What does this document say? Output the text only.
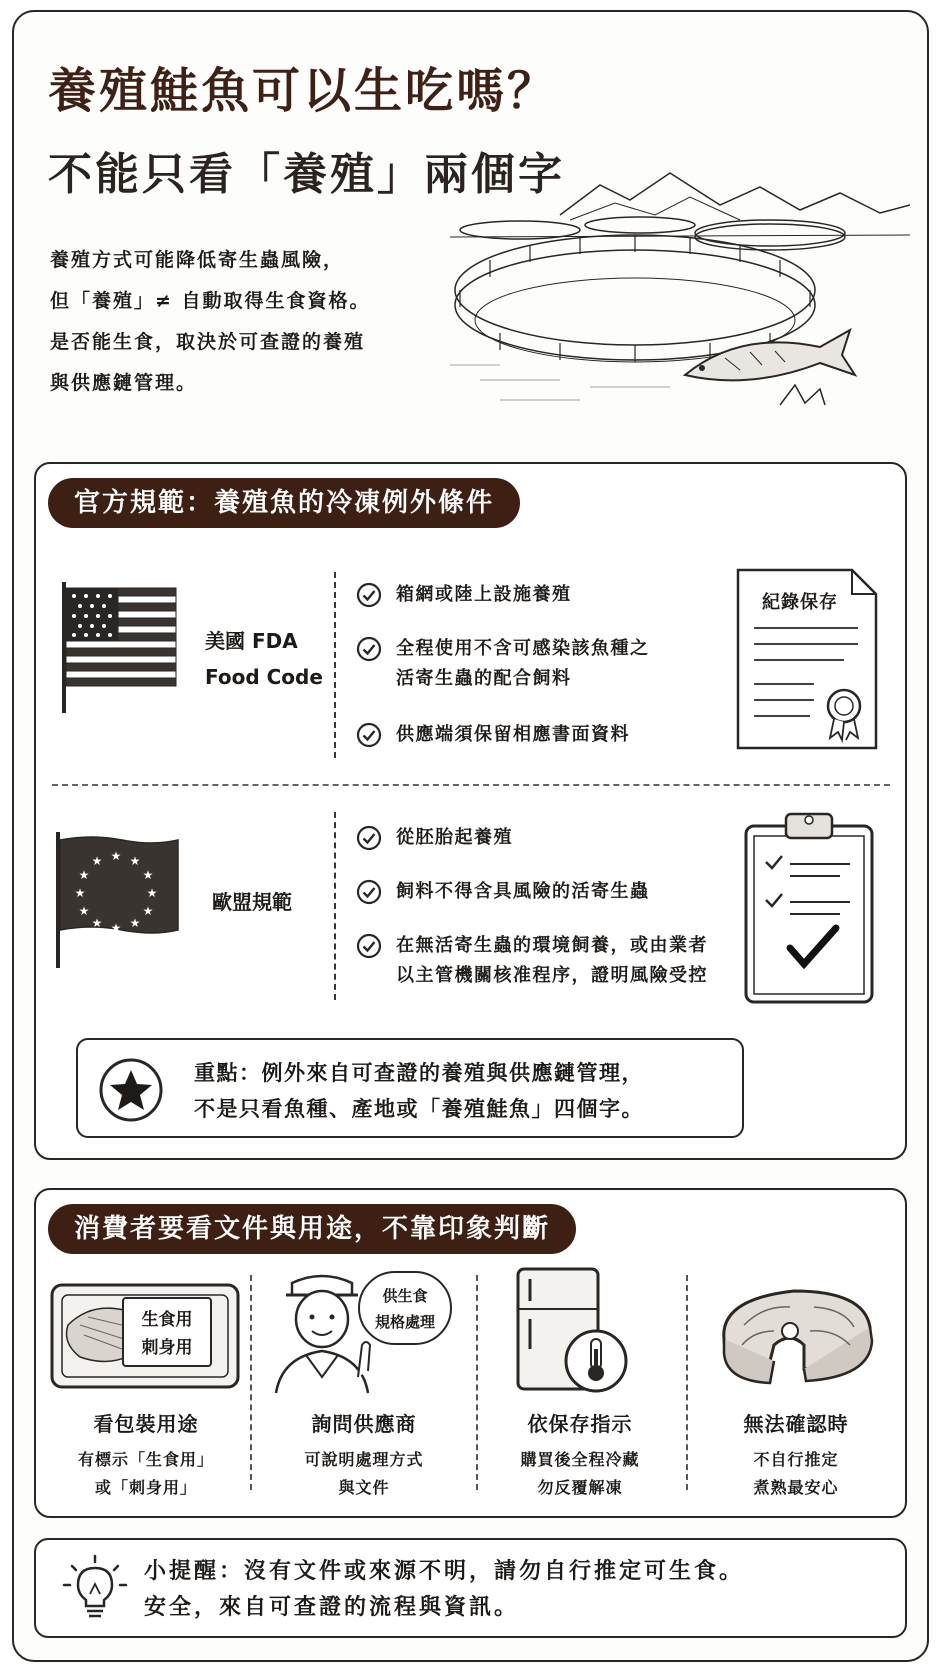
養殖鮭魚可以生吃嗎？
不能只看「養殖」兩個字
養殖方式可能降低寄生蟲風險，
但「養殖」≠ 自動取得生食資格。
是否能生食，取決於可查證的養殖
與供應鏈管理。
官方規範：養殖魚的冷凍例外條件
美國 FDA
Food Code
箱網或陸上設施養殖
全程使用不含可感染該魚種之
活寄生蟲的配合飼料
供應端須保留相應書面資料
紀錄保存
★ ★
★
★
★
★
★
★
★
★
★
★
歐盟規範
從胚胎起養殖
飼料不得含具風險的活寄生蟲
在無活寄生蟲的環境飼養，或由業者
以主管機關核准程序，證明風險受控
重點：例外來自可查證的養殖與供應鏈管理，
不是只看魚種、產地或「養殖鮭魚」四個字。
消費者要看文件與用途，不靠印象判斷
生食用
刺身用
看包裝用途
有標示「生食用」
或「刺身用」
供生食
規格處理
詢問供應商
可說明處理方式
與文件
依保存指示
購買後全程冷藏
勿反覆解凍
無法確認時
不自行推定
煮熟最安心
小提醒：沒有文件或來源不明，請勿自行推定可生食。
安全，來自可查證的流程與資訊。
